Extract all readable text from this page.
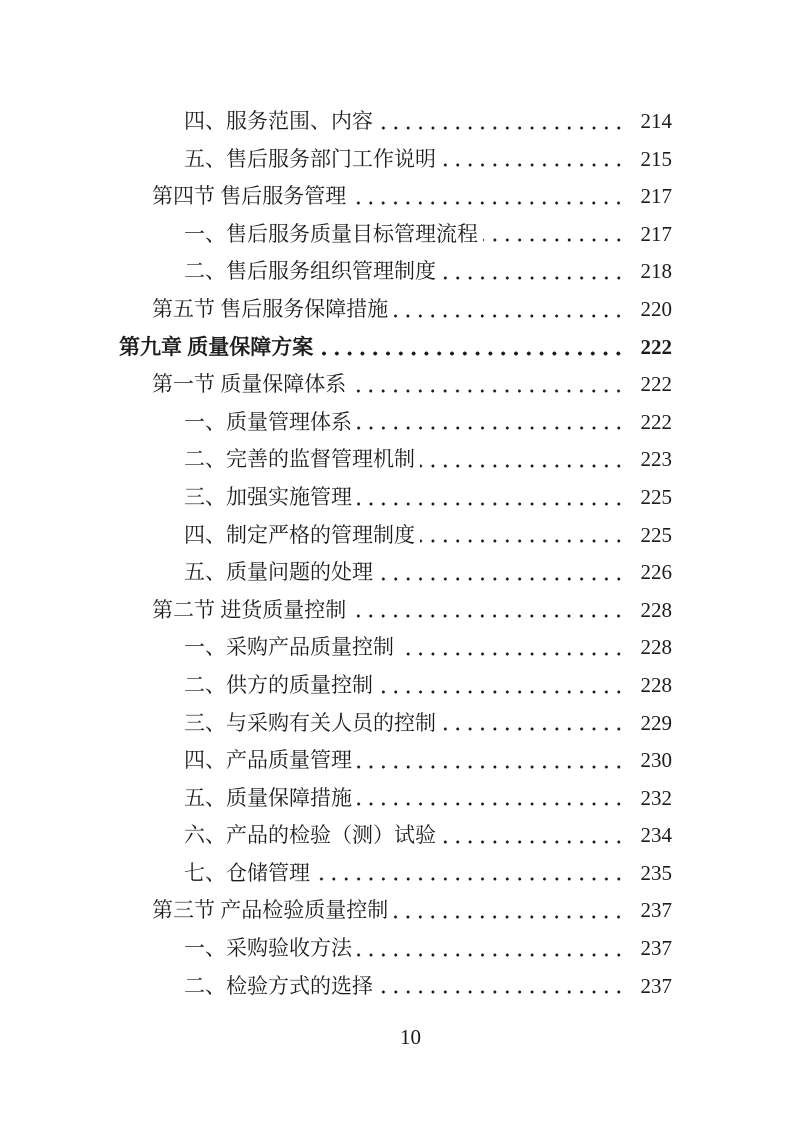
四、服务范围、内容	214
五、售后服务部门工作说明	215
第四节 售后服务管理	217
一、售后服务质量目标管理流程	217
二、售后服务组织管理制度	218
第五节 售后服务保障措施	220
第九章 质量保障方案	222
第一节 质量保障体系	222
一、质量管理体系	222
二、完善的监督管理机制	223
三、加强实施管理	225
四、制定严格的管理制度	225
五、质量问题的处理	226
第二节 进货质量控制	228
一、采购产品质量控制	228
二、供方的质量控制	228
三、与采购有关人员的控制	229
四、产品质量管理	230
五、质量保障措施	232
六、产品的检验（测）试验	234
七、仓储管理	235
第三节 产品检验质量控制	237
一、采购验收方法	237
二、检验方式的选择	237
10
